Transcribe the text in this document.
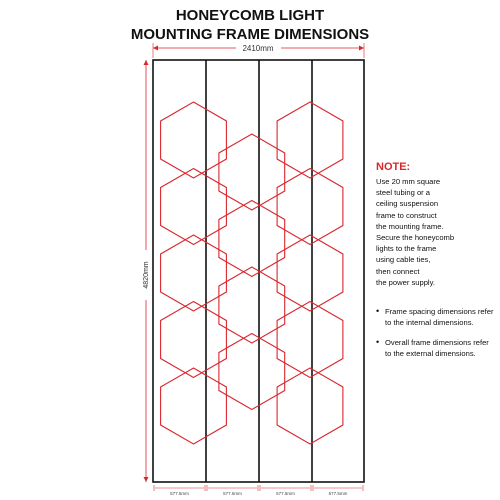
HONEYCOMB LIGHT
MOUNTING FRAME DIMENSIONS
2410mm
4820mm
577.5mm	577.5mm	577.5mm	577.5mm
NOTE:
Use 20 mm square
steel tubing or a
ceiling suspension
frame to construct
the mounting frame.
Secure the honeycomb
lights to the frame
using cable ties,
then connect
the power supply.
• Frame spacing dimensions refer to the internal dimensions.
• Overall frame dimensions refer to the external dimensions.
